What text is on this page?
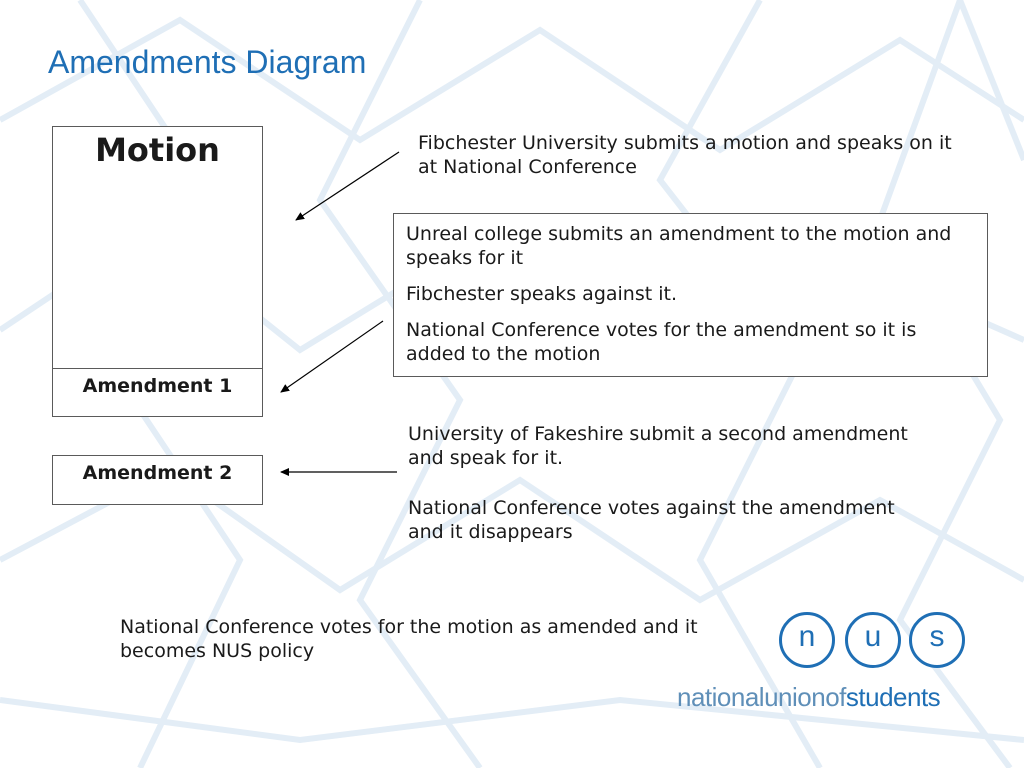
Amendments Diagram
Motion
Amendment 1
Amendment 2

Fibchester University submits a motion and speaks on it at National Conference

Unreal college submits an amendment to the motion and speaks for it

Fibchester speaks against it.

National Conference votes for the amendment so it is added to the motion

University of Fakeshire submit a second amendment and speak for it.

National Conference votes against the amendment and it disappears

National Conference votes for the motion as amended and it becomes NUS policy	n	u	s
nationalunionofstudents
